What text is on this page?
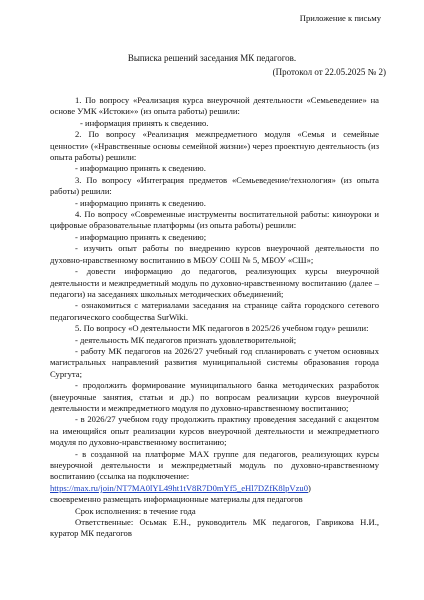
Приложение к письму
Выписка решений заседания МК педагогов.
(Протокол от 22.05.2025 № 2)

1. По вопросу «Реализация курса внеурочной деятельности «Семьеведение» на основе УМК «Истоки»» (из опыта работы) решили:

- информация принять к сведению.

2. По вопросу «Реализация межпредметного модуля «Семья и семейные ценности» («Нравственные основы семейной жизни») через проектную деятельность (из опыта работы) решили:

- информацию принять к сведению.

3. По вопросу «Интеграция предметов «Семьеведение/технология» (из опыта работы) решили:

- информацию принять к сведению.

4. По вопросу «Современные инструменты воспитательной работы: киноуроки и цифровые образовательные платформы (из опыта работы) решили:

- информацию принять к сведению;

- изучить опыт работы по внедрению курсов внеурочной деятельности по духовно-нравственному воспитанию в МБОУ СОШ № 5, МБОУ «СШ»;

- довести информацию до педагогов, реализующих курсы внеурочной деятельности и межпредметный модуль по духовно-нравственному воспитанию (далее – педагоги) на заседаниях школьных методических объединений;

- ознакомиться с материалами заседания на странице сайта городского сетевого педагогического сообщества SurWiki.

5. По вопросу «О деятельности МК педагогов в 2025/26 учебном году» решили:

- деятельность МК педагогов признать удовлетворительной;

- работу МК педагогов на 2026/27 учебный год спланировать с учетом основных магистральных направлений развития муниципальной системы образования города Сургута;

- продолжить формирование муниципального банка методических разработок (внеурочные занятия, статьи и др.) по вопросам реализации курсов внеурочной деятельности и межпредметного модуля по духовно-нравственному воспитанию;

- в 2026/27 учебном году продолжить практику проведения заседаний с акцентом на имеющийся опыт реализации курсов внеурочной деятельности и межпредметного модуля по духовно-нравственному воспитанию;

- в созданной на платформе MAX группе для педагогов, реализующих курсы внеурочной деятельности и межпредметный модуль по духовно-нравственному воспитанию (ссылка на подключение:

https://max.ru/join/NT7MA0lYL49ht1tV8R7D0mYf5_eHl7DZfK8lpVzu0)

своевременно размещать информационные материалы для педагогов

Срок исполнения: в течение года

Ответственные: Осьмак Е.Н., руководитель МК педагогов, Гаврикова Н.И., куратор МК педагогов
